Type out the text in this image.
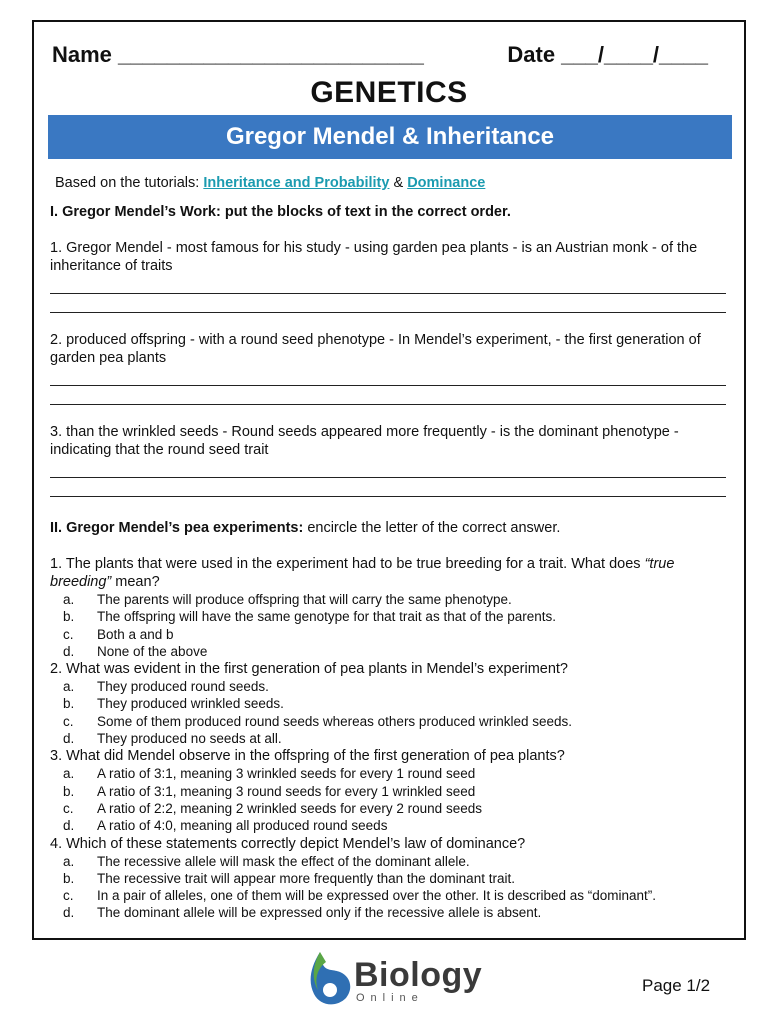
Name _________________________	Date ___/____/____
GENETICS
Gregor Mendel & Inheritance
Based on the tutorials: Inheritance and Probability & Dominance
I. Gregor Mendel’s Work: put the blocks of text in the correct order.
1. Gregor Mendel - most famous for his study - using garden pea plants - is an Austrian monk - of the inheritance of traits
2. produced offspring - with a round seed phenotype - In Mendel’s experiment, - the first generation of garden pea plants
3. than the wrinkled seeds - Round seeds appeared more frequently - is the dominant phenotype - indicating that the round seed trait
II. Gregor Mendel’s pea experiments: encircle the letter of the correct answer.
1. The plants that were used in the experiment had to be true breeding for a trait. What does “true breeding” mean?
a. The parents will produce offspring that will carry the same phenotype.
b. The offspring will have the same genotype for that trait as that of the parents.
c. Both a and b
d. None of the above
2. What was evident in the first generation of pea plants in Mendel’s experiment?
a. They produced round seeds.
b. They produced wrinkled seeds.
c. Some of them produced round seeds whereas others produced wrinkled seeds.
d. They produced no seeds at all.
3. What did Mendel observe in the offspring of the first generation of pea plants?
a. A ratio of 3:1, meaning 3 wrinkled seeds for every 1 round seed
b. A ratio of 3:1, meaning 3 round seeds for every 1 wrinkled seed
c. A ratio of 2:2, meaning 2 wrinkled seeds for every 2 round seeds
d. A ratio of 4:0, meaning all produced round seeds
4. Which of these statements correctly depict Mendel’s law of dominance?
a. The recessive allele will mask the effect of the dominant allele.
b. The recessive trait will appear more frequently than the dominant trait.
c. In a pair of alleles, one of them will be expressed over the other. It is described as “dominant”.
d. The dominant allele will be expressed only if the recessive allele is absent.
Biology
Online
Page 1/2
